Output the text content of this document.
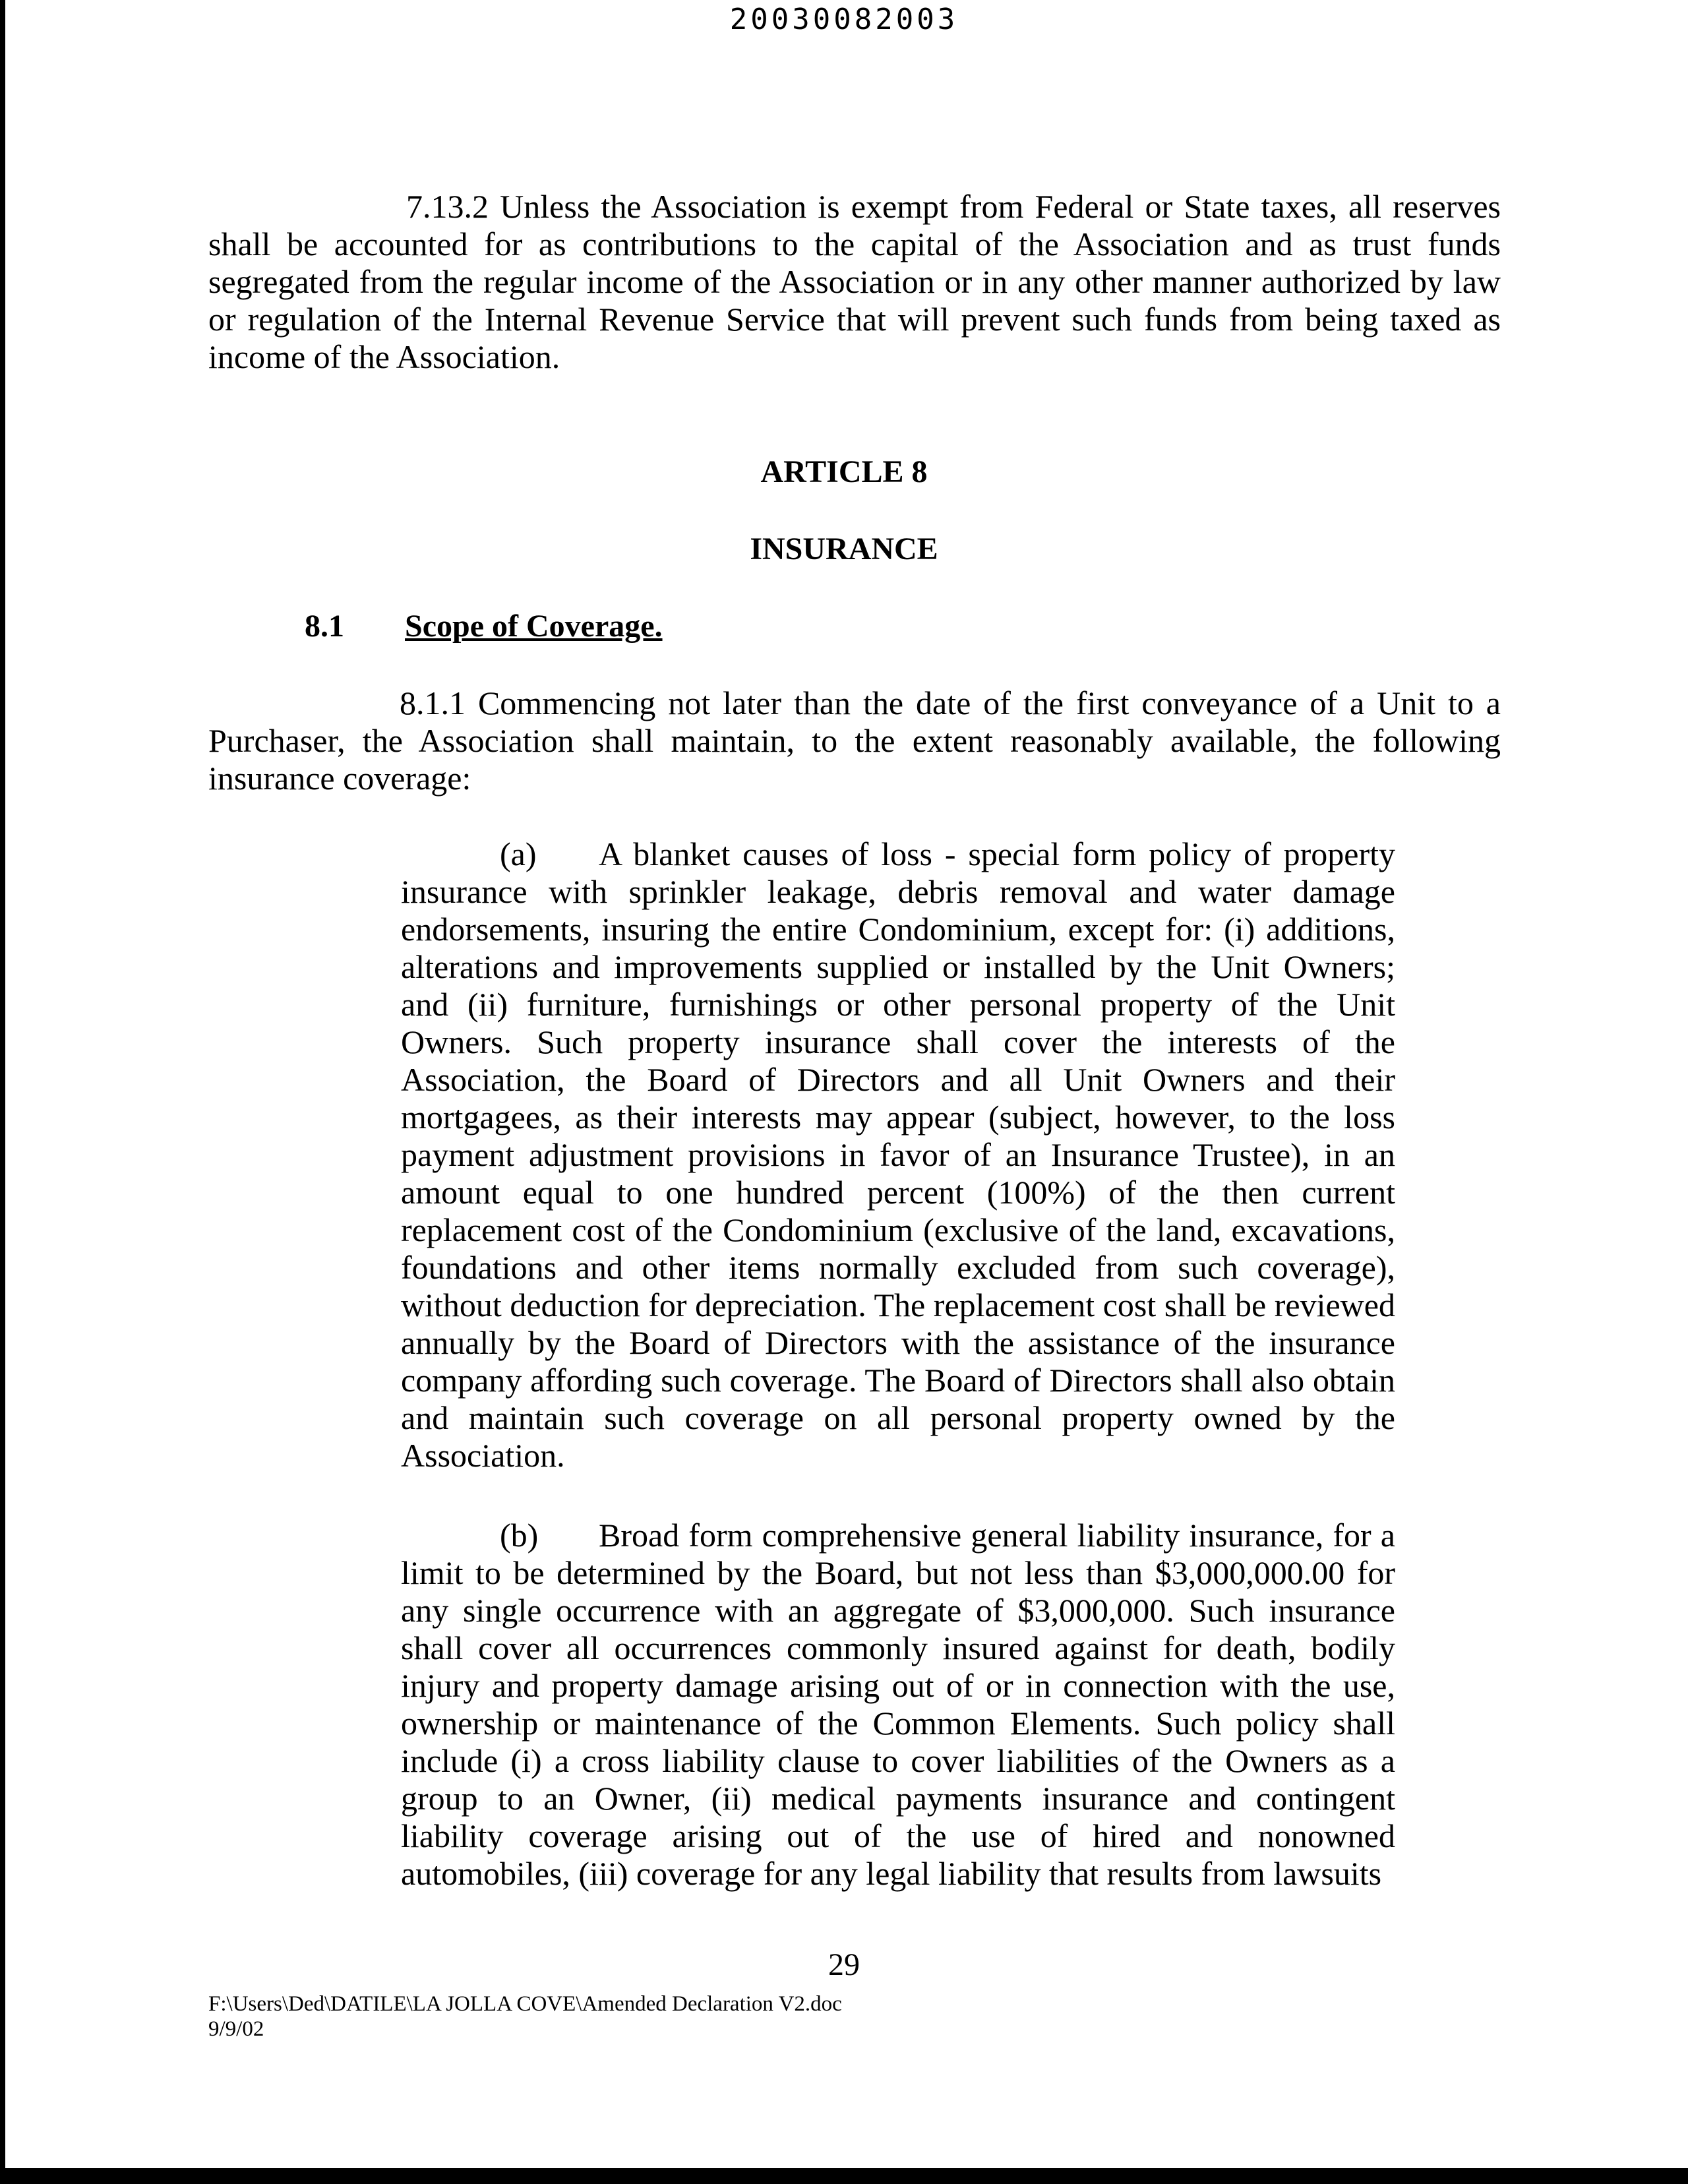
20030082003

7.13.2 Unless the Association is exempt from Federal or State taxes, all reserves shall be accounted for as contributions to the capital of the Association and as trust funds segregated from the regular income of the Association or in any other manner authorized by law or regulation of the Internal Revenue Service that will prevent such funds from being taxed as income of the Association.

ARTICLE 8
INSURANCE
8.1 Scope of Coverage.

8.1.1 Commencing not later than the date of the first conveyance of a Unit to a Purchaser, the Association shall maintain, to the extent reasonably available, the following insurance coverage:

(a) A blanket causes of loss - special form policy of property insurance with sprinkler leakage, debris removal and water damage endorsements, insuring the entire Condominium, except for: (i) additions, alterations and improvements supplied or installed by the Unit Owners; and (ii) furniture, furnishings or other personal property of the Unit Owners. Such property insurance shall cover the interests of the Association, the Board of Directors and all Unit Owners and their mortgagees, as their interests may appear (subject, however, to the loss payment adjustment provisions in favor of an Insurance Trustee), in an amount equal to one hundred percent (100%) of the then current replacement cost of the Condominium (exclusive of the land, excavations, foundations and other items normally excluded from such coverage), without deduction for depreciation. The replacement cost shall be reviewed annually by the Board of Directors with the assistance of the insurance company affording such coverage. The Board of Directors shall also obtain and maintain such coverage on all personal property owned by the Association.

(b) Broad form comprehensive general liability insurance, for a limit to be determined by the Board, but not less than $3,000,000.00 for any single occurrence with an aggregate of $3,000,000. Such insurance shall cover all occurrences commonly insured against for death, bodily injury and property damage arising out of or in connection with the use, ownership or maintenance of the Common Elements. Such policy shall include (i) a cross liability clause to cover liabilities of the Owners as a group to an Owner, (ii) medical payments insurance and contingent liability coverage arising out of the use of hired and nonowned automobiles, (iii) coverage for any legal liability that results from lawsuits

29
F:\Users\Ded\DATILE\LA JOLLA COVE\Amended Declaration V2.doc
9/9/02
